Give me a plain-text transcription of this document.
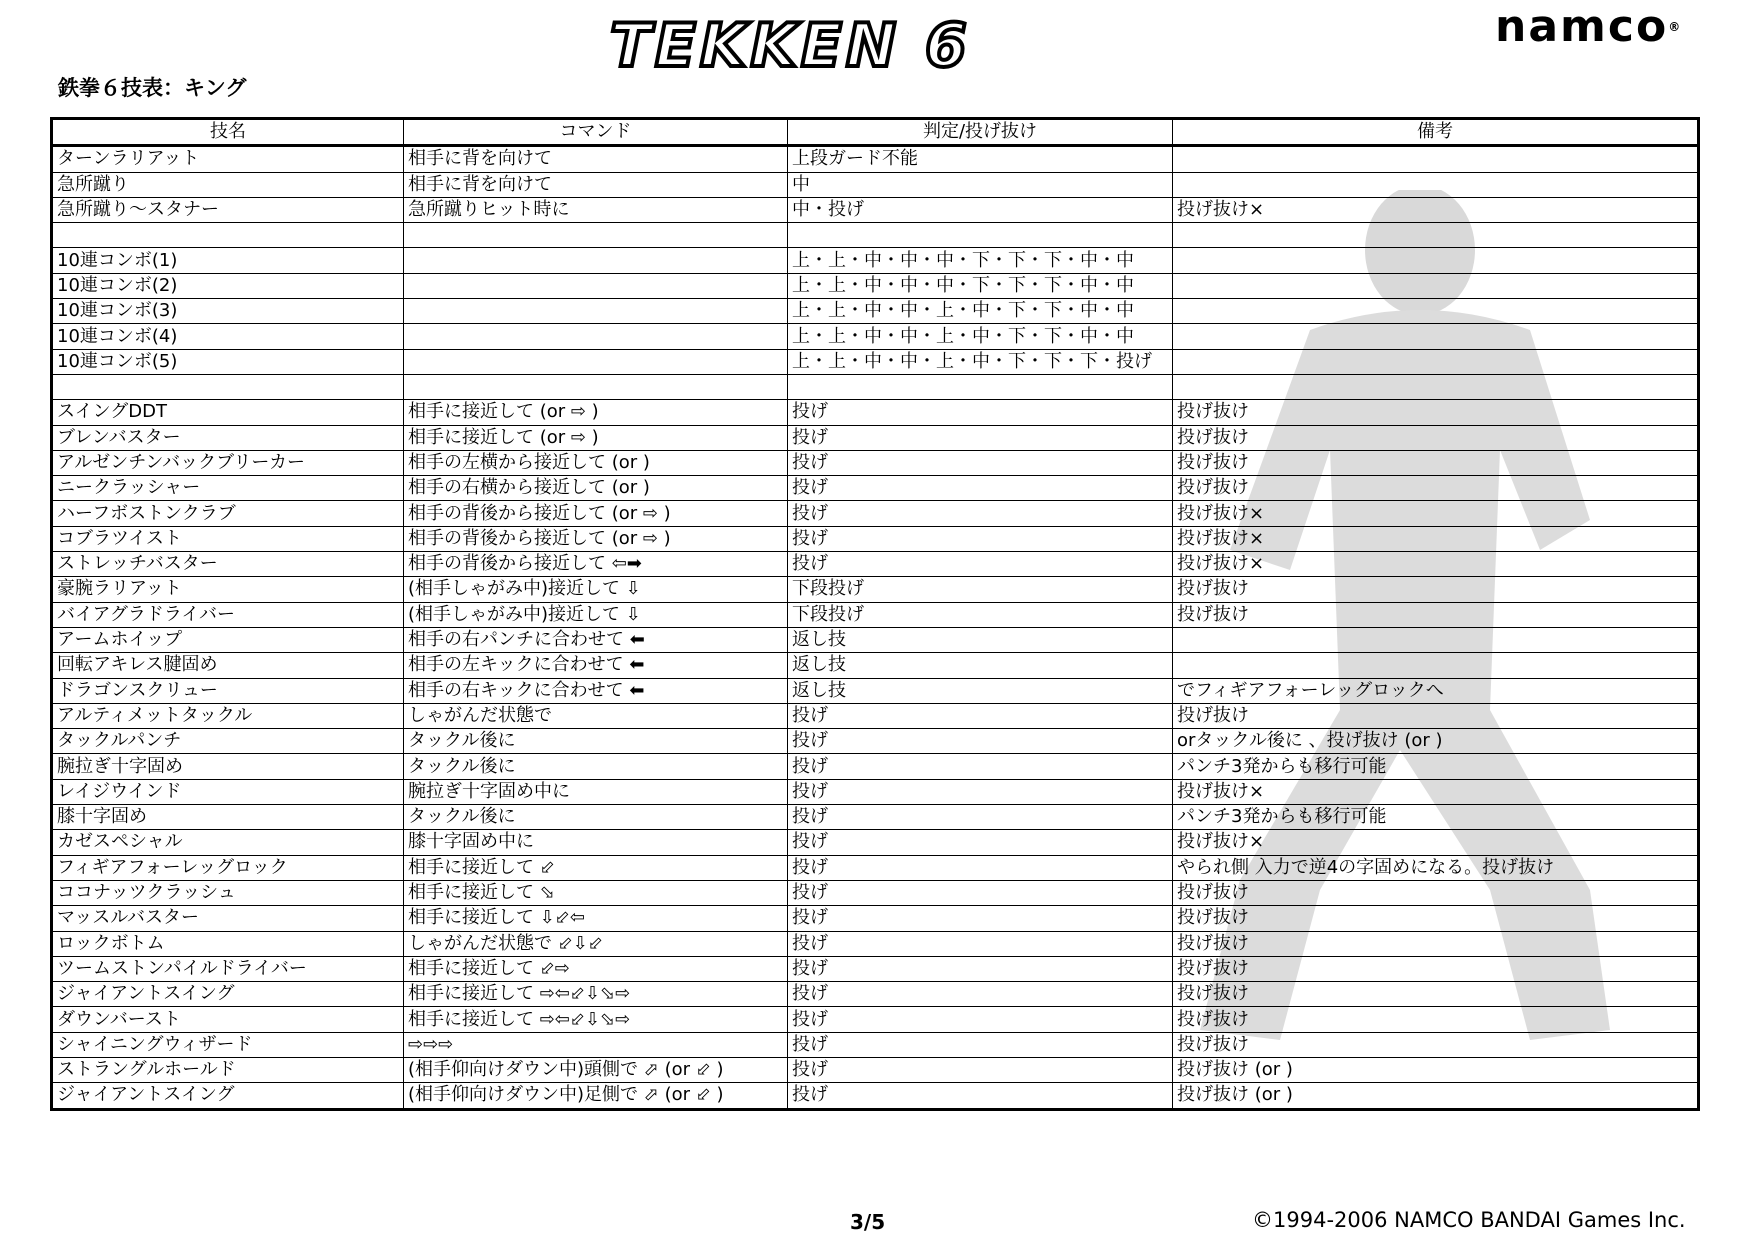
TEKKEN 6	namco®
鉄拳６技表：キング
技名	コマンド	判定/投げ抜け	備考
ターンラリアット	相手に背を向けて	上段ガード不能	
急所蹴り	相手に背を向けて	中	
急所蹴り～スタナー	急所蹴りヒット時に	中・投げ	投げ抜け×

10連コンボ(1)		上・上・中・中・中・下・下・下・中・中	
10連コンボ(2)		上・上・中・中・中・下・下・下・中・中	
10連コンボ(3)		上・上・中・中・上・中・下・下・中・中	
10連コンボ(4)		上・上・中・中・上・中・下・下・中・中	
10連コンボ(5)		上・上・中・中・上・中・下・下・下・投げ	

スイングDDT	相手に接近して (or ⇨ )	投げ	投げ抜け
ブレンバスター	相手に接近して (or ⇨ )	投げ	投げ抜け
アルゼンチンバックブリーカー	相手の左横から接近して (or )	投げ	投げ抜け
ニークラッシャー	相手の右横から接近して (or )	投げ	投げ抜け
ハーフボストンクラブ	相手の背後から接近して (or ⇨ )	投げ	投げ抜け×
コブラツイスト	相手の背後から接近して (or ⇨ )	投げ	投げ抜け×
ストレッチバスター	相手の背後から接近して ⇦➡	投げ	投げ抜け×
豪腕ラリアット	(相手しゃがみ中)接近して ⇩	下段投げ	投げ抜け
バイアグラドライバー	(相手しゃがみ中)接近して ⇩	下段投げ	投げ抜け
アームホイップ	相手の右パンチに合わせて ⬅	返し技	
回転アキレス腱固め	相手の左キックに合わせて ⬅	返し技	
ドラゴンスクリュー	相手の右キックに合わせて ⬅	返し技	でフィギアフォーレッグロックへ
アルティメットタックル	しゃがんだ状態で	投げ	投げ抜け
タックルパンチ	タックル後に	投げ	orタックル後に 、投げ抜け (or )
腕拉ぎ十字固め	タックル後に	投げ	パンチ3発からも移行可能
レイジウインド	腕拉ぎ十字固め中に	投げ	投げ抜け×
膝十字固め	タックル後に	投げ	パンチ3発からも移行可能
カゼスペシャル	膝十字固め中に	投げ	投げ抜け×
フィギアフォーレッグロック	相手に接近して ⬃	投げ	やられ側 入力で逆4の字固めになる。投げ抜け
ココナッツクラッシュ	相手に接近して ⬂	投げ	投げ抜け
マッスルバスター	相手に接近して ⇩⬃⇦	投げ	投げ抜け
ロックボトム	しゃがんだ状態で ⬃⇩⬃	投げ	投げ抜け
ツームストンパイルドライバー	相手に接近して ⬃⇨	投げ	投げ抜け
ジャイアントスイング	相手に接近して ⇨⇦⬃⇩⬂⇨	投げ	投げ抜け
ダウンバースト	相手に接近して ⇨⇦⬃⇩⬂⇨	投げ	投げ抜け
シャイニングウィザード	⇨⇨⇨	投げ	投げ抜け
ストラングルホールド	(相手仰向けダウン中)頭側で ⬀ (or ⬃ )	投げ	投げ抜け (or )
ジャイアントスイング	(相手仰向けダウン中)足側で ⬀ (or ⬃ )	投げ	投げ抜け (or )
3/5	©1994-2006 NAMCO BANDAI Games Inc.
